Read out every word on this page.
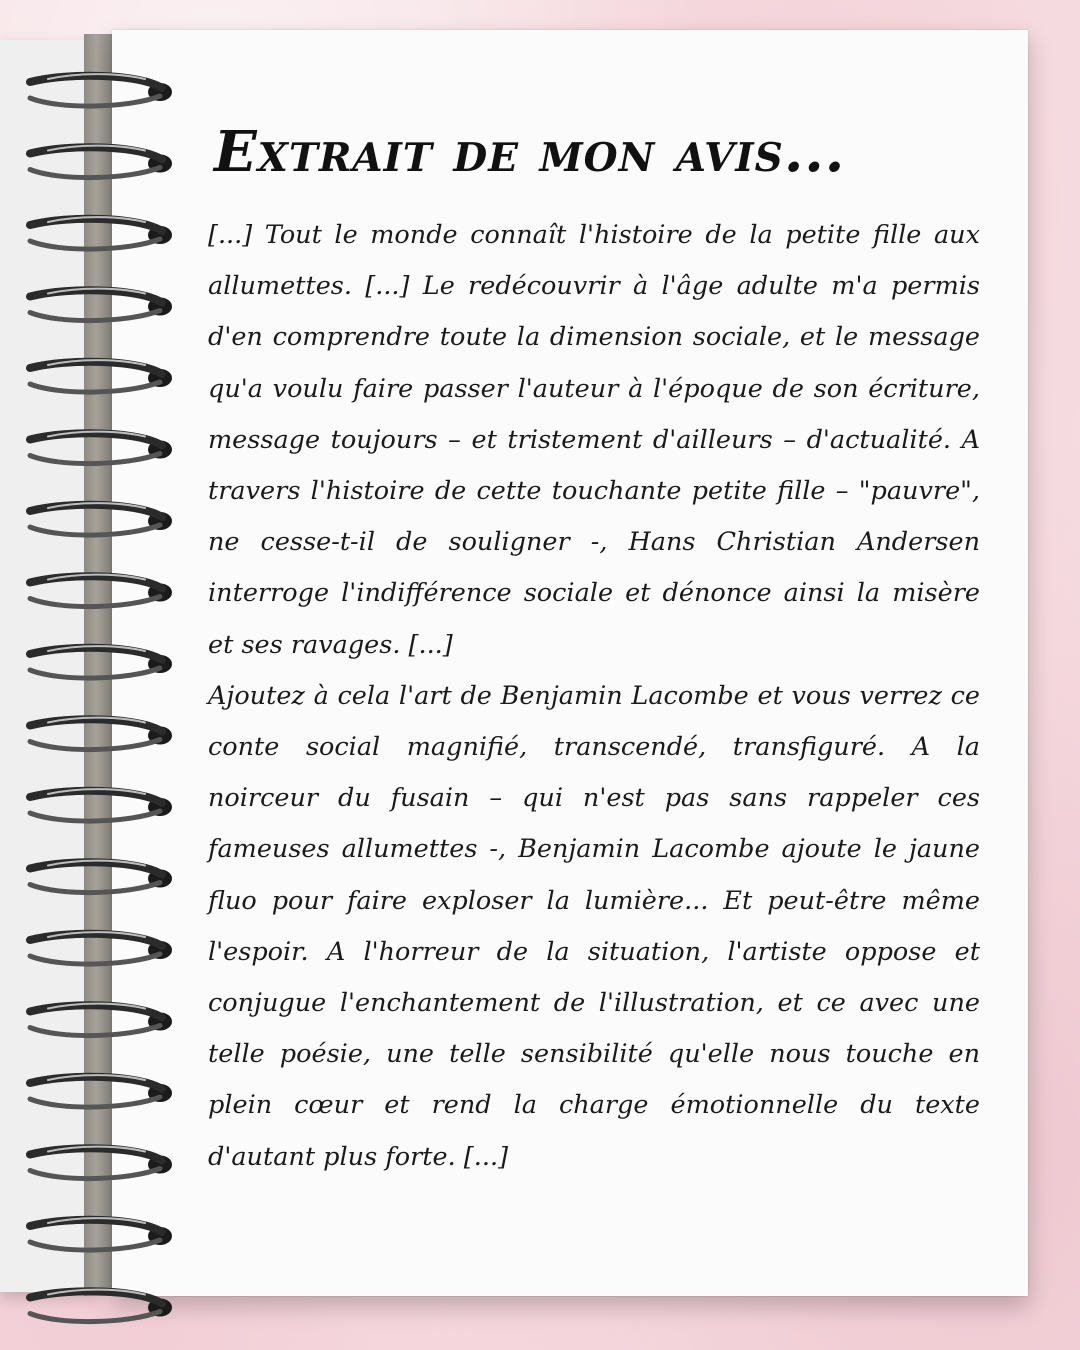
Extrait de mon avis...

[...] Tout le monde connaît l'histoire de la petite fille aux allumettes. [...] Le redécouvrir à l'âge adulte m'a permis d'en comprendre toute la dimension sociale, et le message qu'a voulu faire passer l'auteur à l'époque de son écriture, message toujours – et tristement d'ailleurs – d'actualité. A travers l'histoire de cette touchante petite fille – "pauvre", ne cesse-t-il de souligner -, Hans Christian Andersen interroge l'indifférence sociale et dénonce ainsi la misère et ses ravages. [...]

Ajoutez à cela l'art de Benjamin Lacombe et vous verrez ce conte social magnifié, transcendé, transfiguré. A la noirceur du fusain – qui n'est pas sans rappeler ces fameuses allumettes -, Benjamin Lacombe ajoute le jaune fluo pour faire exploser la lumière... Et peut-être même l'espoir. A l'horreur de la situation, l'artiste oppose et conjugue l'enchantement de l'illustration, et ce avec une telle poésie, une telle sensibilité qu'elle nous touche en plein cœur et rend la charge émotionnelle du texte d'autant plus forte. [...]
